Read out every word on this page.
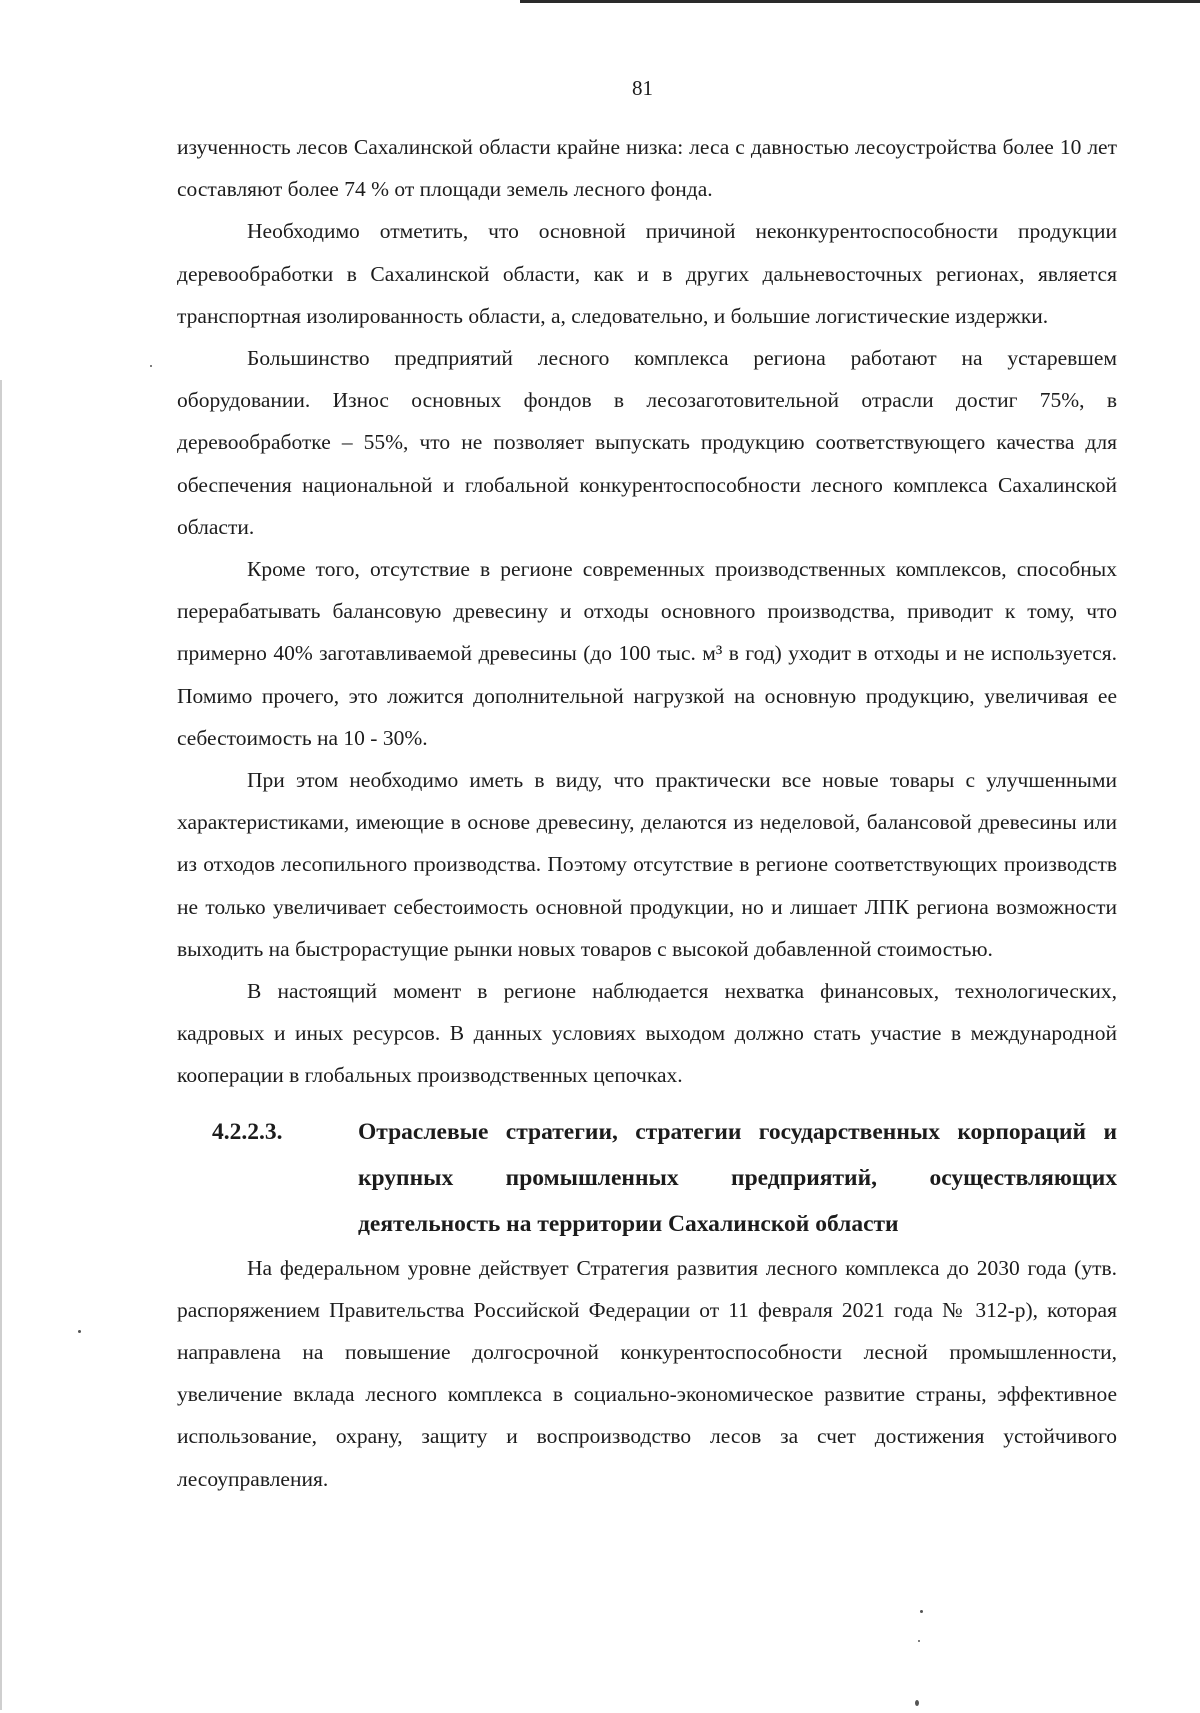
81

изученность лесов Сахалинской области крайне низка: леса с давностью лесоустройства более 10 лет составляют более 74 % от площади земель лесного фонда.

Необходимо отметить, что основной причиной неконкурентоспособности продукции деревообработки в Сахалинской области, как и в других дальневосточных регионах, является транспортная изолированность области, а, следовательно, и большие логистические издержки.

Большинство предприятий лесного комплекса региона работают на устаревшем оборудовании. Износ основных фондов в лесозаготовительной отрасли достиг 75%, в деревообработке – 55%, что не позволяет выпускать продукцию соответствующего качества для обеспечения национальной и глобальной конкурентоспособности лесного комплекса Сахалинской области.

Кроме того, отсутствие в регионе современных производственных комплексов, способных перерабатывать балансовую древесину и отходы основного производства, приводит к тому, что примерно 40% заготавливаемой древесины (до 100 тыс. м³ в год) уходит в отходы и не используется. Помимо прочего, это ложится дополнительной нагрузкой на основную продукцию, увеличивая ее себестоимость на 10 - 30%.

При этом необходимо иметь в виду, что практически все новые товары с улучшенными характеристиками, имеющие в основе древесину, делаются из неделовой, балансовой древесины или из отходов лесопильного производства. Поэтому отсутствие в регионе соответствующих производств не только увеличивает себестоимость основной продукции, но и лишает ЛПК региона возможности выходить на быстрорастущие рынки новых товаров с высокой добавленной стоимостью.

В настоящий момент в регионе наблюдается нехватка финансовых, технологических, кадровых и иных ресурсов. В данных условиях выходом должно стать участие в международной кооперации в глобальных производственных цепочках.

4.2.2.3.	Отраслевые стратегии, стратегии государственных корпораций и крупных промышленных предприятий, осуществляющих деятельность на территории Сахалинской области

На федеральном уровне действует Стратегия развития лесного комплекса до 2030 года (утв. распоряжением Правительства Российской Федерации от 11 февраля 2021 года № 312-р), которая направлена на повышение долгосрочной конкурентоспособности лесной промышленности, увеличение вклада лесного комплекса в социально-экономическое развитие страны, эффективное использование, охрану, защиту и воспроизводство лесов за счет достижения устойчивого лесоуправления.
